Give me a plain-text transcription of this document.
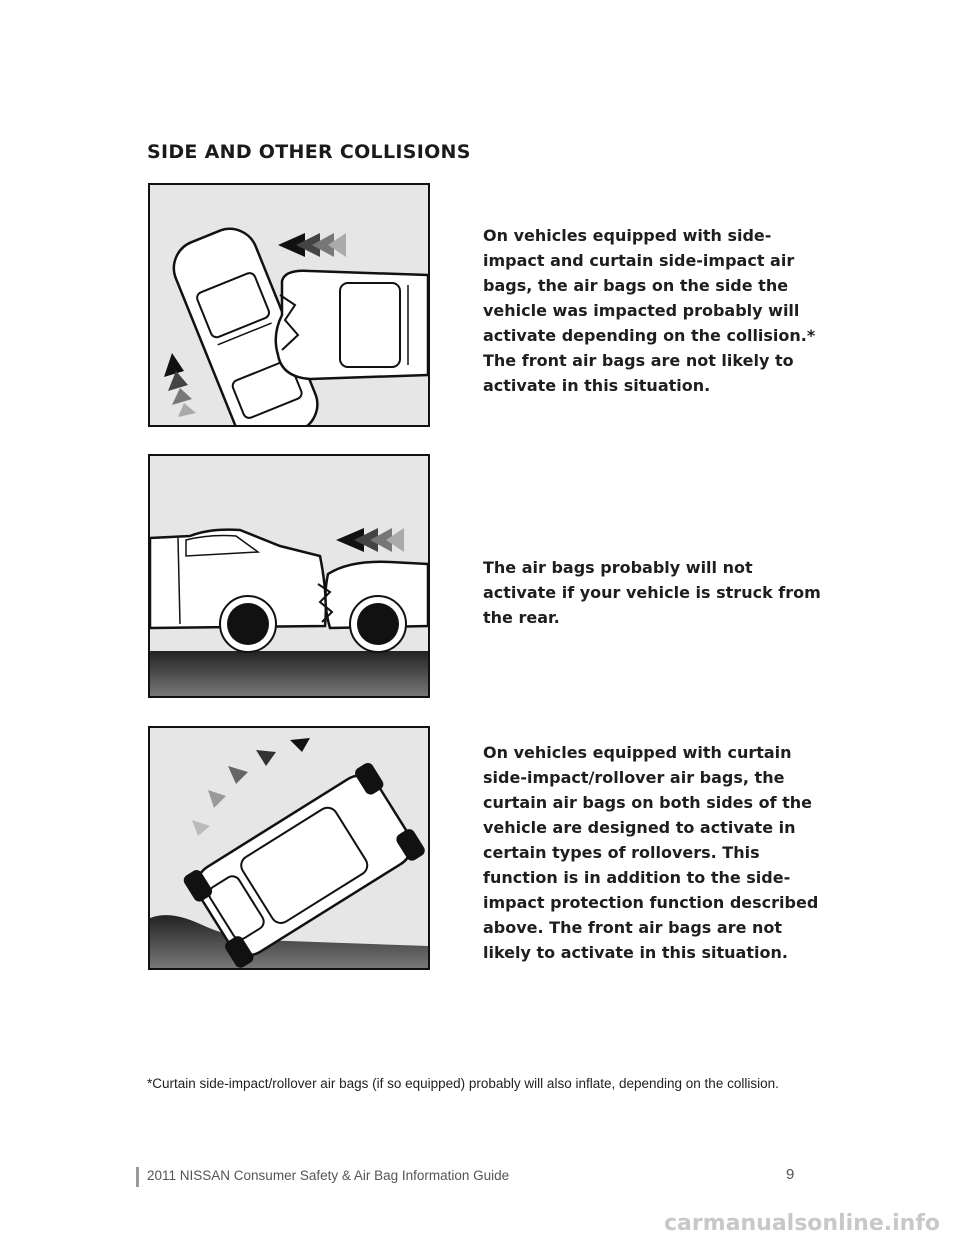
SIDE AND OTHER COLLISIONS

On vehicles equipped with side-impact and curtain side-impact air bags, the air bags on the side the vehicle was impacted probably will activate depending on the collision.* The front air bags are not likely to activate in this situation.

The air bags probably will not activate if your vehicle is struck from the rear.

On vehicles equipped with curtain side-impact/rollover air bags, the curtain air bags on both sides of the vehicle are designed to activate in certain types of rollovers. This function is in addition to the side-impact protection function described above. The front air bags are not likely to activate in this situation.

*Curtain side-impact/rollover air bags (if so equipped) probably will also inflate, depending on the collision.

2011 NISSAN Consumer Safety & Air Bag Information Guide	9
carmanualsonline.info
